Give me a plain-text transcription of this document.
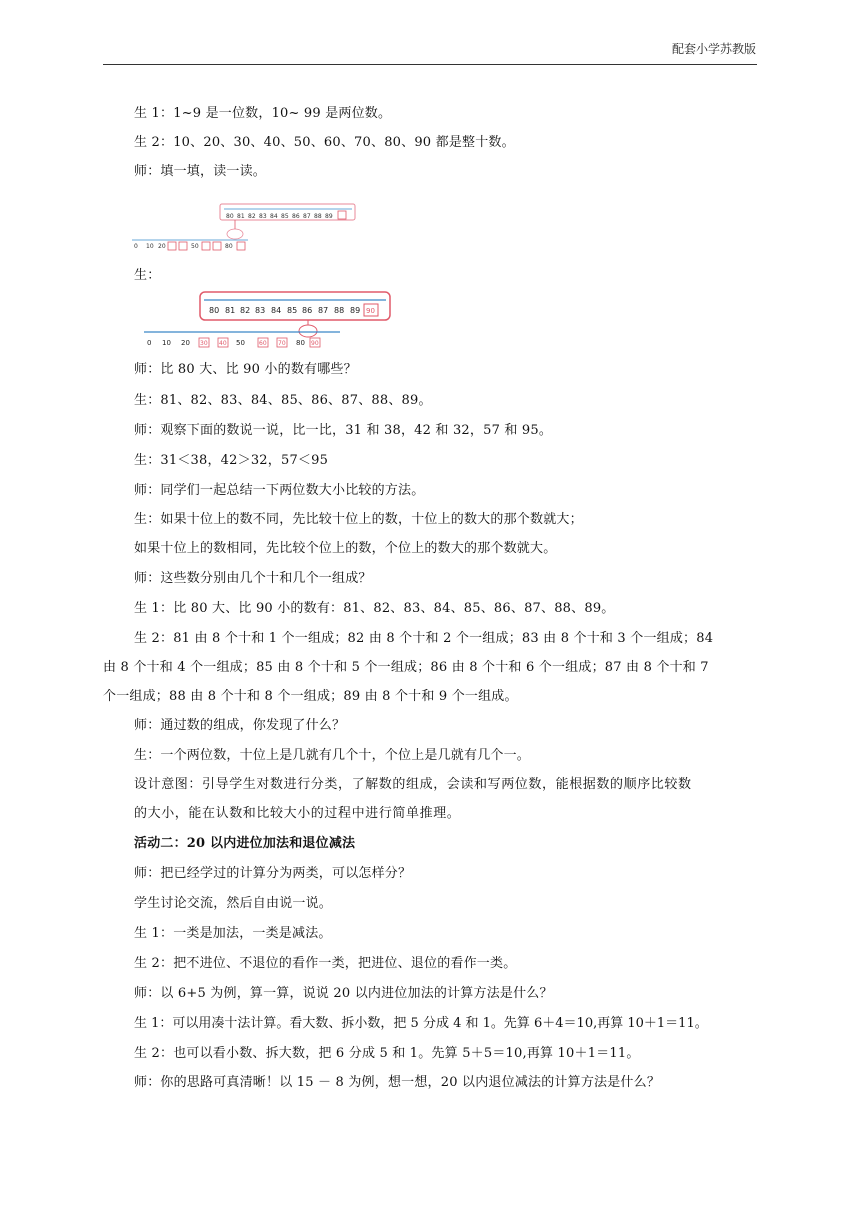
配套小学苏教版
生 1：1~9 是一位数，10~ 99 是两位数。
生 2：10、20、30、40、50、60、70、80、90 都是整十数。
师：填一填，读一读。
80 81 82 83 84 85 86 87 88 89
0 10 20	50	80
生：
80 81 82 83 84 85 86 87 88 89 90
0 10 20	50	80
30 40	60 70	90
师：比 80 大、比 90 小的数有哪些？
生：81、82、83、84、85、86、87、88、89。
师：观察下面的数说一说，比一比，31 和 38，42 和 32，57 和 95。
生：31＜38，42＞32，57＜95
师：同学们一起总结一下两位数大小比较的方法。
生：如果十位上的数不同，先比较十位上的数，十位上的数大的那个数就大；
如果十位上的数相同，先比较个位上的数，个位上的数大的那个数就大。
师：这些数分别由几个十和几个一组成？
生 1：比 80 大、比 90 小的数有：81、82、83、84、85、86、87、88、89。
生 2：81 由 8 个十和 1 个一组成；82 由 8 个十和 2 个一组成；83 由 8 个十和 3 个一组成；84
由 8 个十和 4 个一组成；85 由 8 个十和 5 个一组成；86 由 8 个十和 6 个一组成；87 由 8 个十和 7
个一组成；88 由 8 个十和 8 个一组成；89 由 8 个十和 9 个一组成。
师：通过数的组成，你发现了什么？
生：一个两位数，十位上是几就有几个十，个位上是几就有几个一。
设计意图：引导学生对数进行分类，了解数的组成，会读和写两位数，能根据数的顺序比较数
的大小，能在认数和比较大小的过程中进行简单推理。
活动二：20 以内进位加法和退位减法
师：把已经学过的计算分为两类，可以怎样分？
学生讨论交流，然后自由说一说。
生 1：一类是加法，一类是减法。
生 2：把不进位、不退位的看作一类，把进位、退位的看作一类。
师：以 6+5 为例，算一算，说说 20 以内进位加法的计算方法是什么？
生 1：可以用凑十法计算。看大数、拆小数，把 5 分成 4 和 1。先算 6＋4＝10,再算 10＋1＝11。
生 2：也可以看小数、拆大数，把 6 分成 5 和 1。先算 5＋5＝10,再算 10＋1＝11。
师：你的思路可真清晰！以 15 － 8 为例，想一想，20 以内退位减法的计算方法是什么？
